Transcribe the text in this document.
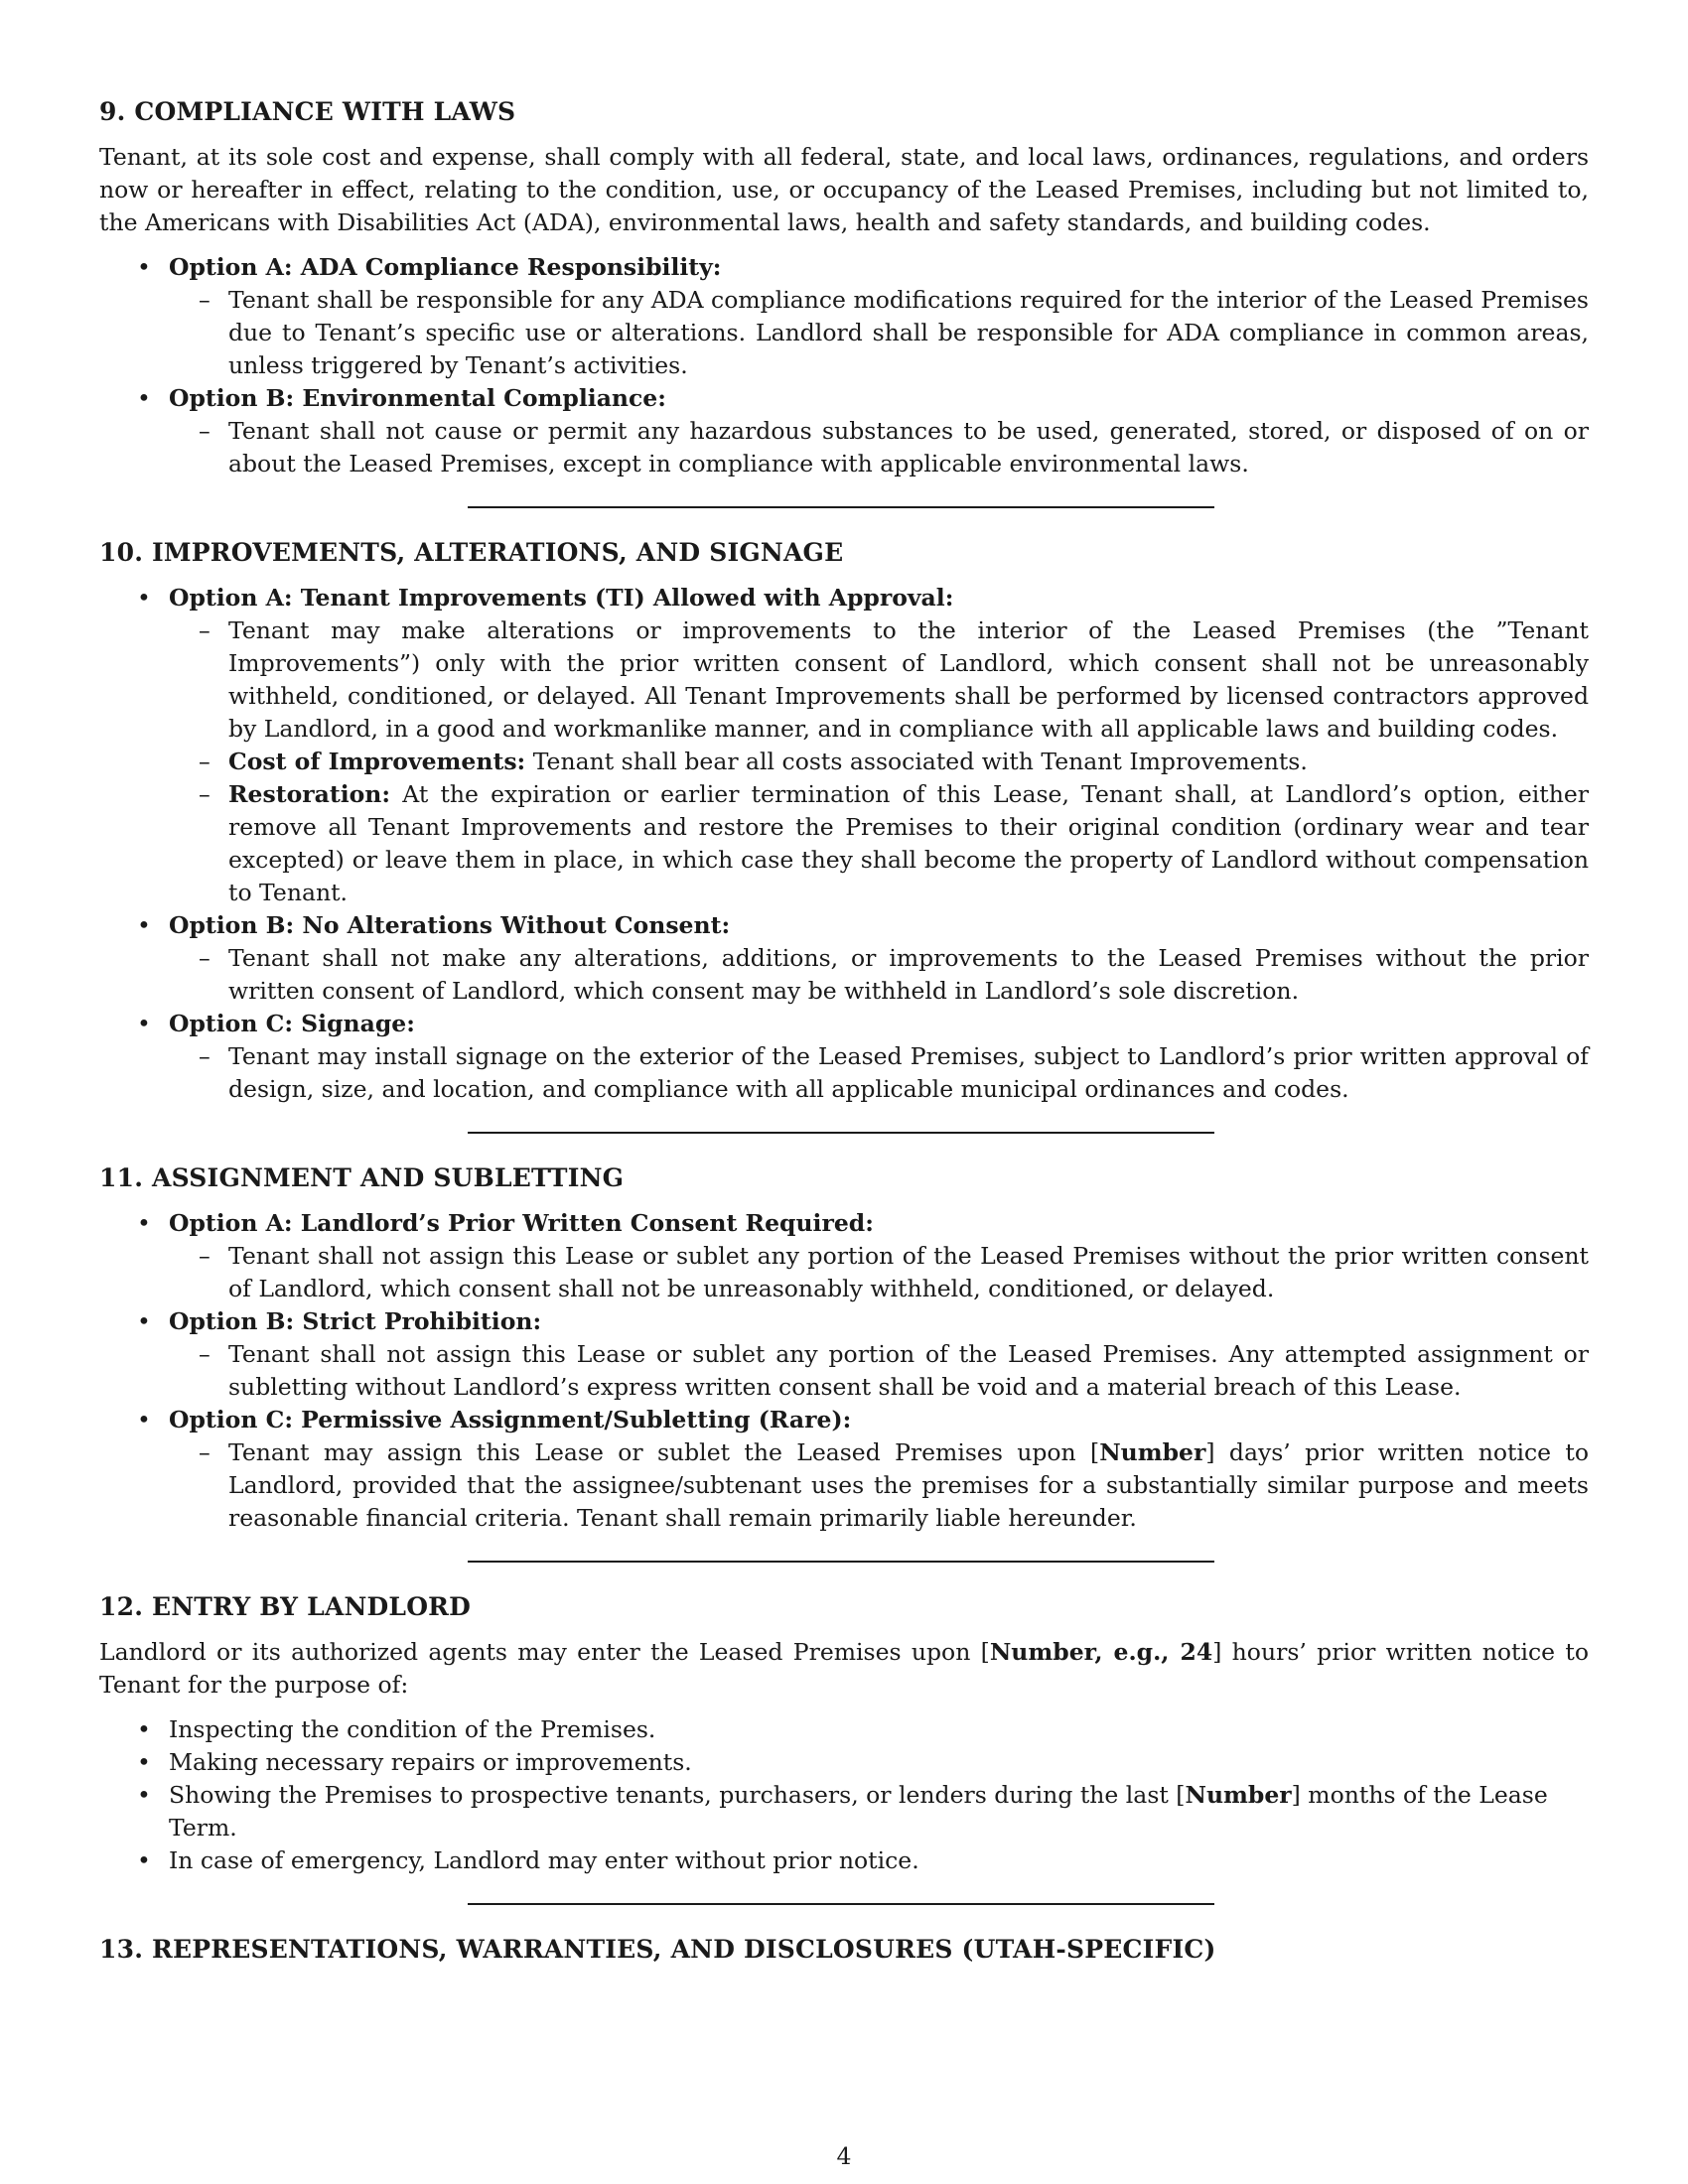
9. COMPLIANCE WITH LAWS

Tenant, at its sole cost and expense, shall comply with all federal, state, and local laws, ordinances, regulations, and orders now or hereafter in effect, relating to the condition, use, or occupancy of the Leased Premises, including but not limited to, the Americans with Disabilities Act (ADA), environmental laws, health and safety standards, and building codes.

• Option A: ADA Compliance Responsibility:
– Tenant shall be responsible for any ADA compliance modifications required for the interior of the Leased Premises due to Tenant’s specific use or alterations. Landlord shall be responsible for ADA compliance in common areas, unless triggered by Tenant’s activities.
• Option B: Environmental Compliance:
– Tenant shall not cause or permit any hazardous substances to be used, generated, stored, or disposed of on or about the Leased Premises, except in compliance with applicable environmental laws.
10. IMPROVEMENTS, ALTERATIONS, AND SIGNAGE
• Option A: Tenant Improvements (TI) Allowed with Approval:
– Tenant may make alterations or improvements to the interior of the Leased Premises (the ”Tenant Improvements”) only with the prior written consent of Landlord, which consent shall not be unreasonably withheld, conditioned, or delayed. All Tenant Improvements shall be performed by licensed contractors approved by Landlord, in a good and workmanlike manner, and in compliance with all applicable laws and building codes.
– Cost of Improvements: Tenant shall bear all costs associated with Tenant Improvements.
– Restoration: At the expiration or earlier termination of this Lease, Tenant shall, at Landlord’s option, either remove all Tenant Improvements and restore the Premises to their original condition (ordinary wear and tear excepted) or leave them in place, in which case they shall become the property of Landlord without compensation to Tenant.
• Option B: No Alterations Without Consent:
– Tenant shall not make any alterations, additions, or improvements to the Leased Premises without the prior written consent of Landlord, which consent may be withheld in Landlord’s sole discretion.
• Option C: Signage:
– Tenant may install signage on the exterior of the Leased Premises, subject to Landlord’s prior written approval of design, size, and location, and compliance with all applicable municipal ordinances and codes.
11. ASSIGNMENT AND SUBLETTING
• Option A: Landlord’s Prior Written Consent Required:
– Tenant shall not assign this Lease or sublet any portion of the Leased Premises without the prior written consent of Landlord, which consent shall not be unreasonably withheld, conditioned, or delayed.
• Option B: Strict Prohibition:
– Tenant shall not assign this Lease or sublet any portion of the Leased Premises. Any attempted assignment or subletting without Landlord’s express written consent shall be void and a material breach of this Lease.
• Option C: Permissive Assignment/Subletting (Rare):
– Tenant may assign this Lease or sublet the Leased Premises upon [Number] days’ prior written notice to Landlord, provided that the assignee/subtenant uses the premises for a substantially similar purpose and meets reasonable financial criteria. Tenant shall remain primarily liable hereunder.
12. ENTRY BY LANDLORD

Landlord or its authorized agents may enter the Leased Premises upon [Number, e.g., 24] hours’ prior written notice to Tenant for the purpose of:

• Inspecting the condition of the Premises.
• Making necessary repairs or improvements.
• Showing the Premises to prospective tenants, purchasers, or lenders during the last [Number] months of the Lease Term.
• In case of emergency, Landlord may enter without prior notice.
13. REPRESENTATIONS, WARRANTIES, AND DISCLOSURES (UTAH-SPECIFIC)
4
